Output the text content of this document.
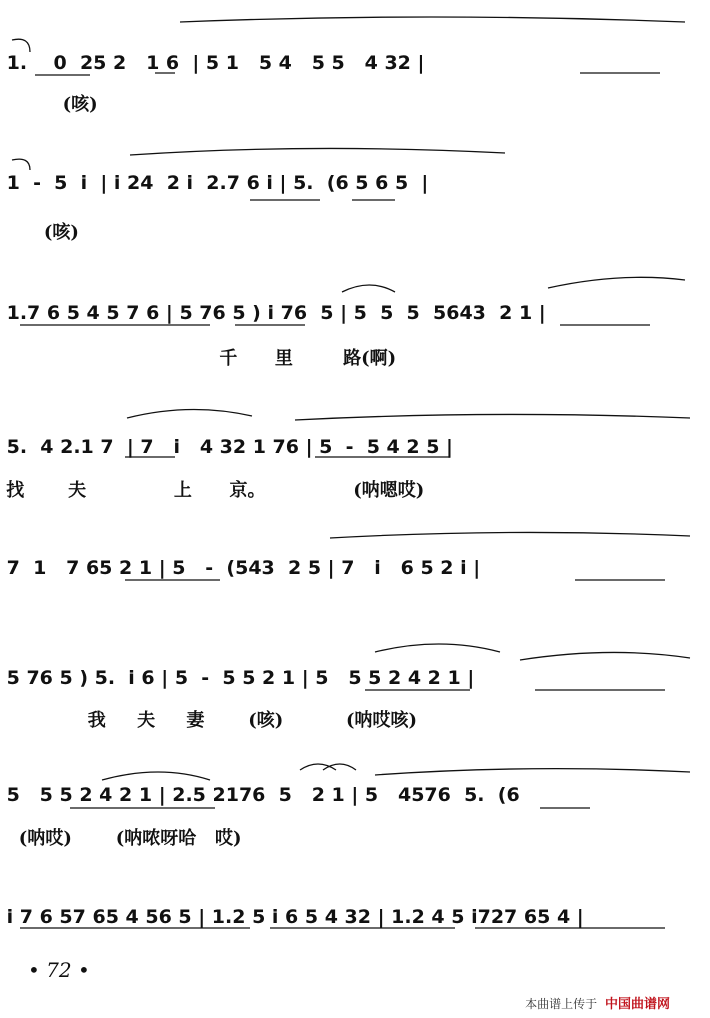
1.    0  25 2   1 6  | 5 1   5 4   5 5   4 32 |
(咳)
1  -  5  i  | i 24  2 i  2.7 6 i | 5.  (6 5 6 5  |
(咳)
1.7 6 5 4 5 7 6 | 5 76 5 ) i 76  5 | 5  5  5  5643  2 1 |
千      里        路(啊)
5.  4 2.1 7  | 7   i   4 32 1 76 | 5  -  5 4 2 5 |
找       夫              上      京。              (呐嗯哎)
7  1   7 65 2 1 | 5   -  (543  2 5 | 7   i   6 5 2 i |
5 76 5 ) 5.  i 6 | 5  -  5 5 2 1 | 5   5 5 2 4 2 1 |
我     夫     妻       (咳)          (呐哎咳)
5   5 5 2 4 2 1 | 2.5 2176  5   2 1 | 5   4576  5.  (6
(呐哎)       (呐哝呀哈   哎)
i 7 6 57 65 4 56 5 | 1.2 5 i 6 5 4 32 | 1.2 4 5 i727 65 4 |
• 72 •
本曲谱上传于 中国曲谱网
